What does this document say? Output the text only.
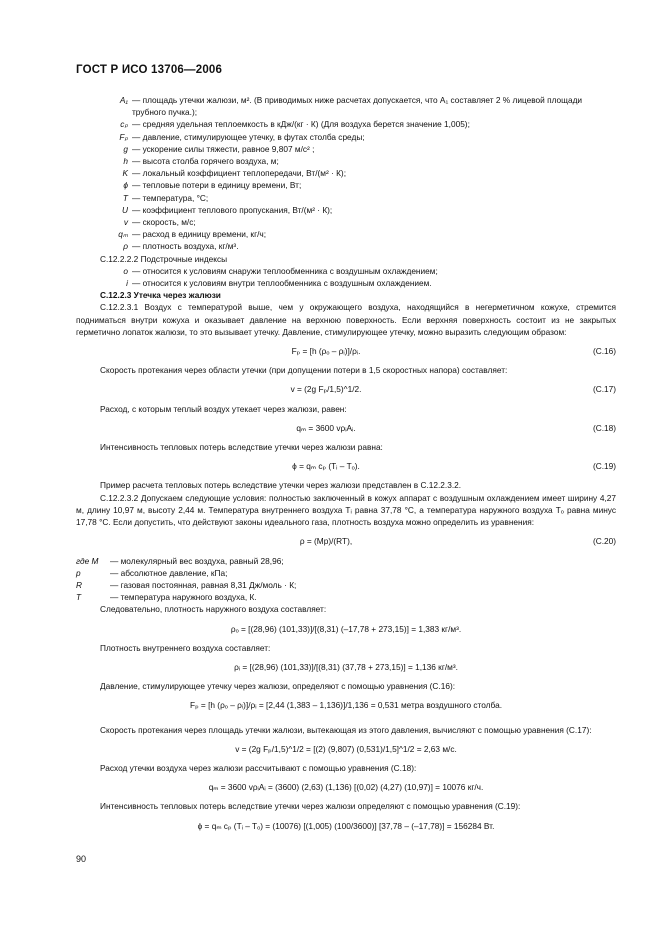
ГОСТ Р ИСО 13706—2006
A₁ — площадь утечки жалюзи, м². (В приводимых ниже расчетах допускается, что A₁ составляет 2 % лицевой площади трубного пучка.);
cₚ — средняя удельная теплоемкость в кДж/(кг · К) (Для воздуха берется значение 1,005);
Fₚ — давление, стимулирующее утечку, в футах столба среды;
g — ускорение силы тяжести, равное 9,807 м/с² ;
h — высота столба горячего воздуха, м;
K — локальный коэффициент теплопередачи, Вт/(м² · К);
ϕ — тепловые потери в единицу времени, Вт;
T — температура, °С;
U — коэффициент теплового пропускания, Вт/(м² · К);
v — скорость, м/с;
qₘ — расход в единицу времени, кг/ч;
ρ — плотность воздуха, кг/м³.
С.12.2.2.2 Подстрочные индексы
o — относится к условиям снаружи теплообменника с воздушным охлаждением;
i — относится к условиям внутри теплообменника с воздушным охлаждением.
С.12.2.3 Утечка через жалюзи
С.12.2.3.1 Воздух с температурой выше, чем у окружающего воздуха, находящийся в негерметичном кожухе, стремится подниматься внутри кожуха и оказывает давление на верхнюю поверхность. Если верхняя поверхность состоит из не закрытых герметично лопаток жалюзи, то это вызывает утечку. Давление, стимулирующее утечку, можно выразить следующим образом:
Fₚ = [h (ρₒ – ρᵢ)]/ρᵢ.	(С.16)
Скорость протекания через области утечки (при допущении потери в 1,5 скоростных напора) составляет:
v = (2g Fₚ/1,5)^1/2.	(С.17)
Расход, с которым теплый воздух утекает через жалюзи, равен:
qₘ = 3600 vρᵢAᵢ.	(С.18)
Интенсивность тепловых потерь вследствие утечки через жалюзи равна:
ϕ = qₘ cₚ (Tᵢ – Tₒ).	(С.19)
Пример расчета тепловых потерь вследствие утечки через жалюзи представлен в С.12.2.3.2.
С.12.2.3.2 Допускаем следующие условия: полностью заключенный в кожух аппарат с воздушным охлаждением имеет ширину 4,27 м, длину 10,97 м, высоту 2,44 м. Температура внутреннего воздуха Tᵢ равна 37,78 °С, а температура наружного воздуха Tₒ равна минус 17,78 °С. Если допустить, что действуют законы идеального газа, плотность воздуха можно определить из уравнения:
ρ = (Mp)/(RT),	(С.20)
где M	— молекулярный вес воздуха, равный 28,96;
p	— абсолютное давление, кПа;
R	— газовая постоянная, равная 8,31 Дж/моль · К;
T	— температура наружного воздуха, К.
Следовательно, плотность наружного воздуха составляет:
ρₒ = [(28,96) (101,33)]/[(8,31) (–17,78 + 273,15)] = 1,383 кг/м³.
Плотность внутреннего воздуха составляет:
ρᵢ = [(28,96) (101,33)]/[(8,31) (37,78 + 273,15)] = 1,136 кг/м³.
Давление, стимулирующее утечку через жалюзи, определяют с помощью уравнения (С.16):
Fₚ = [h (ρₒ – ρᵢ)]/ρᵢ = [2,44 (1,383 – 1,136)]/1,136 = 0,531 метра воздушного столба.
Скорость протекания через площадь утечки жалюзи, вытекающая из этого давления, вычисляют с помощью уравнения (С.17):
v = (2g Fₚ/1,5)^1/2 = [(2) (9,807) (0,531)/1,5]^1/2 = 2,63 м/с.
Расход утечки воздуха через жалюзи рассчитывают с помощью уравнения (С.18):
qₘ = 3600 vρᵢAᵢ = (3600) (2,63) (1,136) [(0,02) (4,27) (10,97)] = 10076 кг/ч.
Интенсивность тепловых потерь вследствие утечки через жалюзи определяют с помощью уравнения (С.19):
ϕ = qₘ cₚ (Tᵢ – Tₒ) = (10076) [(1,005) (100/3600)] [37,78 – (–17,78)] = 156284 Вт.
90
